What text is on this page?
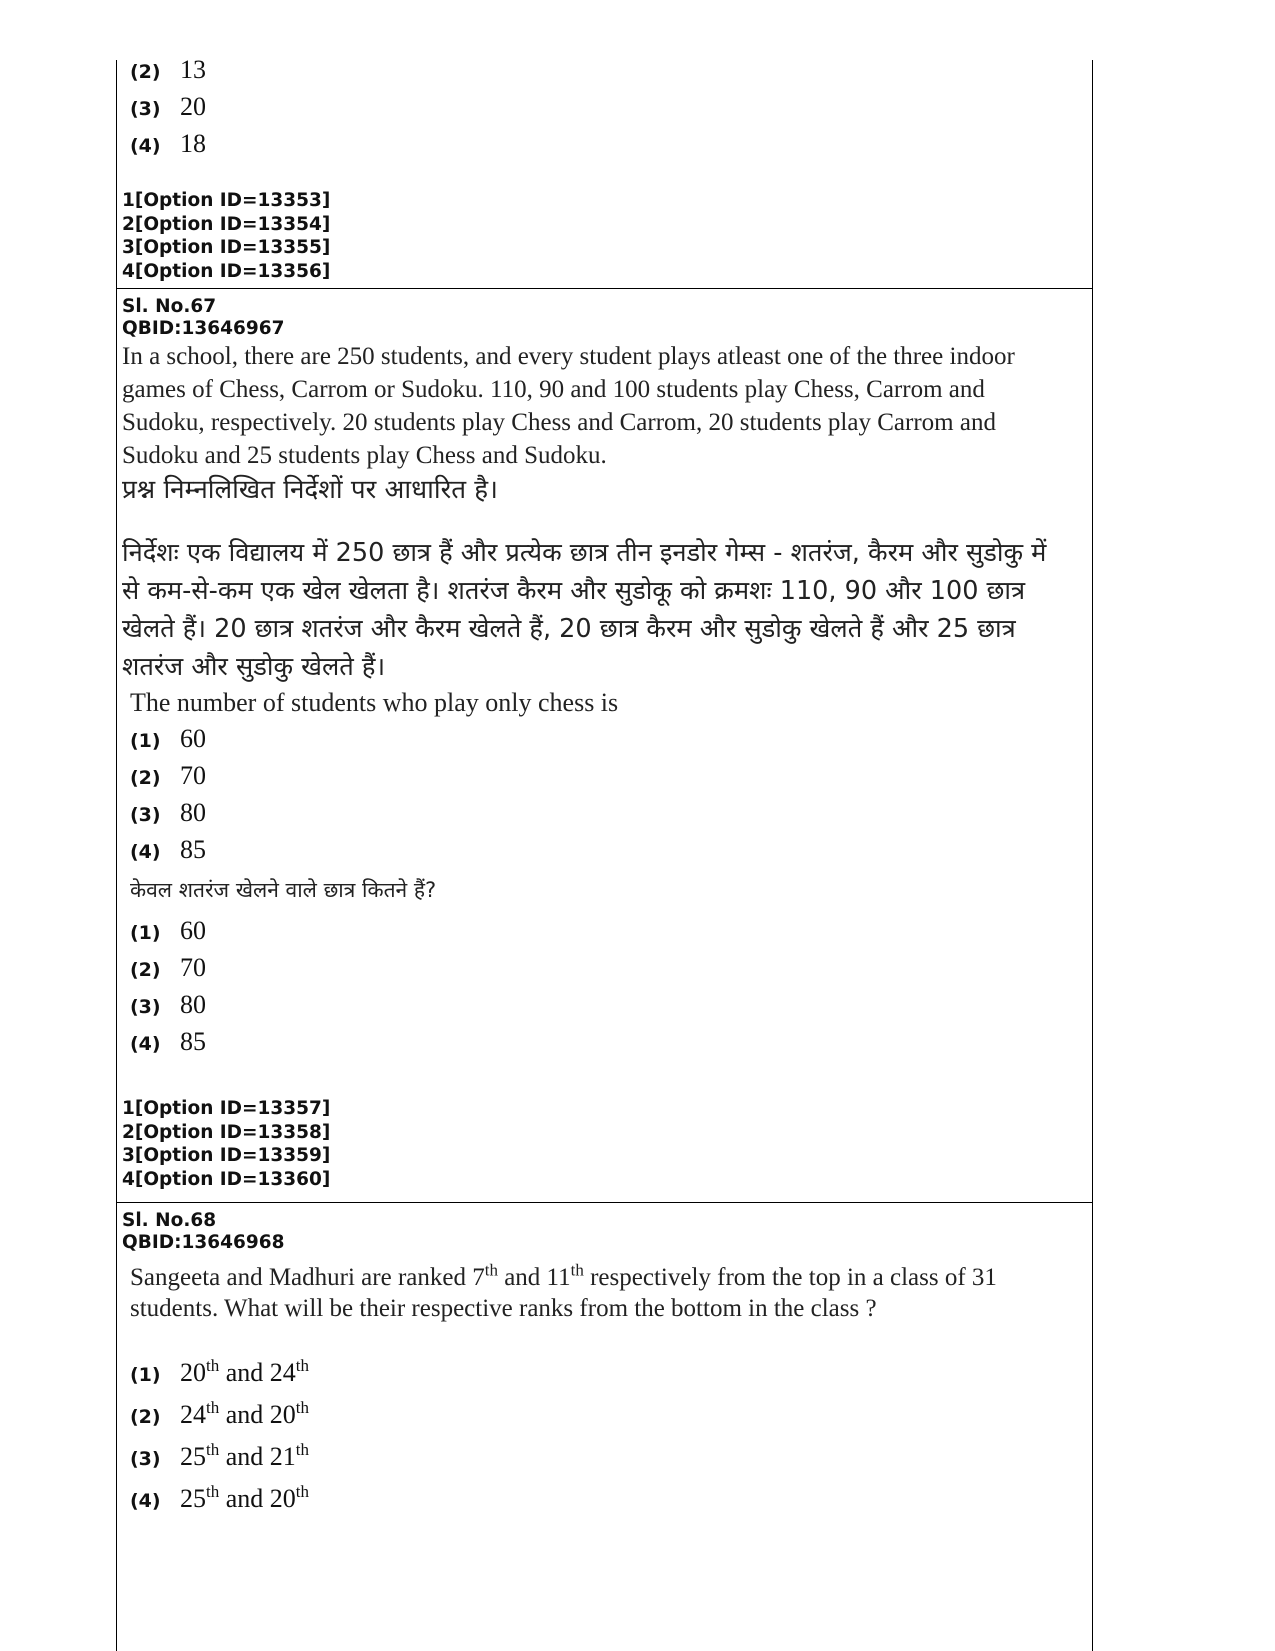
(2) 13
(3) 20
(4) 18
1[Option ID=13353]
2[Option ID=13354]
3[Option ID=13355]
4[Option ID=13356]
Sl. No.67
QBID:13646967
In a school, there are 250 students, and every student plays atleast one of the three indoor games of Chess, Carrom or Sudoku. 110, 90 and 100 students play Chess, Carrom and Sudoku, respectively. 20 students play Chess and Carrom, 20 students play Carrom and Sudoku and 25 students play Chess and Sudoku.
प्रश्न निम्नलिखित निर्देशों पर आधारित है।
निर्देशः एक विद्यालय में 250 छात्र हैं और प्रत्येक छात्र तीन इनडोर गेम्स - शतरंज, कैरम और सुडोकु में से कम-से-कम एक खेल खेलता है। शतरंज कैरम और सुडोकू को क्रमशः 110, 90 और 100 छात्र खेलते हैं। 20 छात्र शतरंज और कैरम खेलते हैं, 20 छात्र कैरम और सुडोकु खेलते हैं और 25 छात्र शतरंज और सुडोकु खेलते हैं।
The number of students who play only chess is
(1) 60
(2) 70
(3) 80
(4) 85
केवल शतरंज खेलने वाले छात्र कितने हैं?
(1) 60
(2) 70
(3) 80
(4) 85
1[Option ID=13357]
2[Option ID=13358]
3[Option ID=13359]
4[Option ID=13360]
Sl. No.68
QBID:13646968
Sangeeta and Madhuri are ranked 7th and 11th respectively from the top in a class of 31 students. What will be their respective ranks from the bottom in the class ?
(1) 20th and 24th
(2) 24th and 20th
(3) 25th and 21th
(4) 25th and 20th
